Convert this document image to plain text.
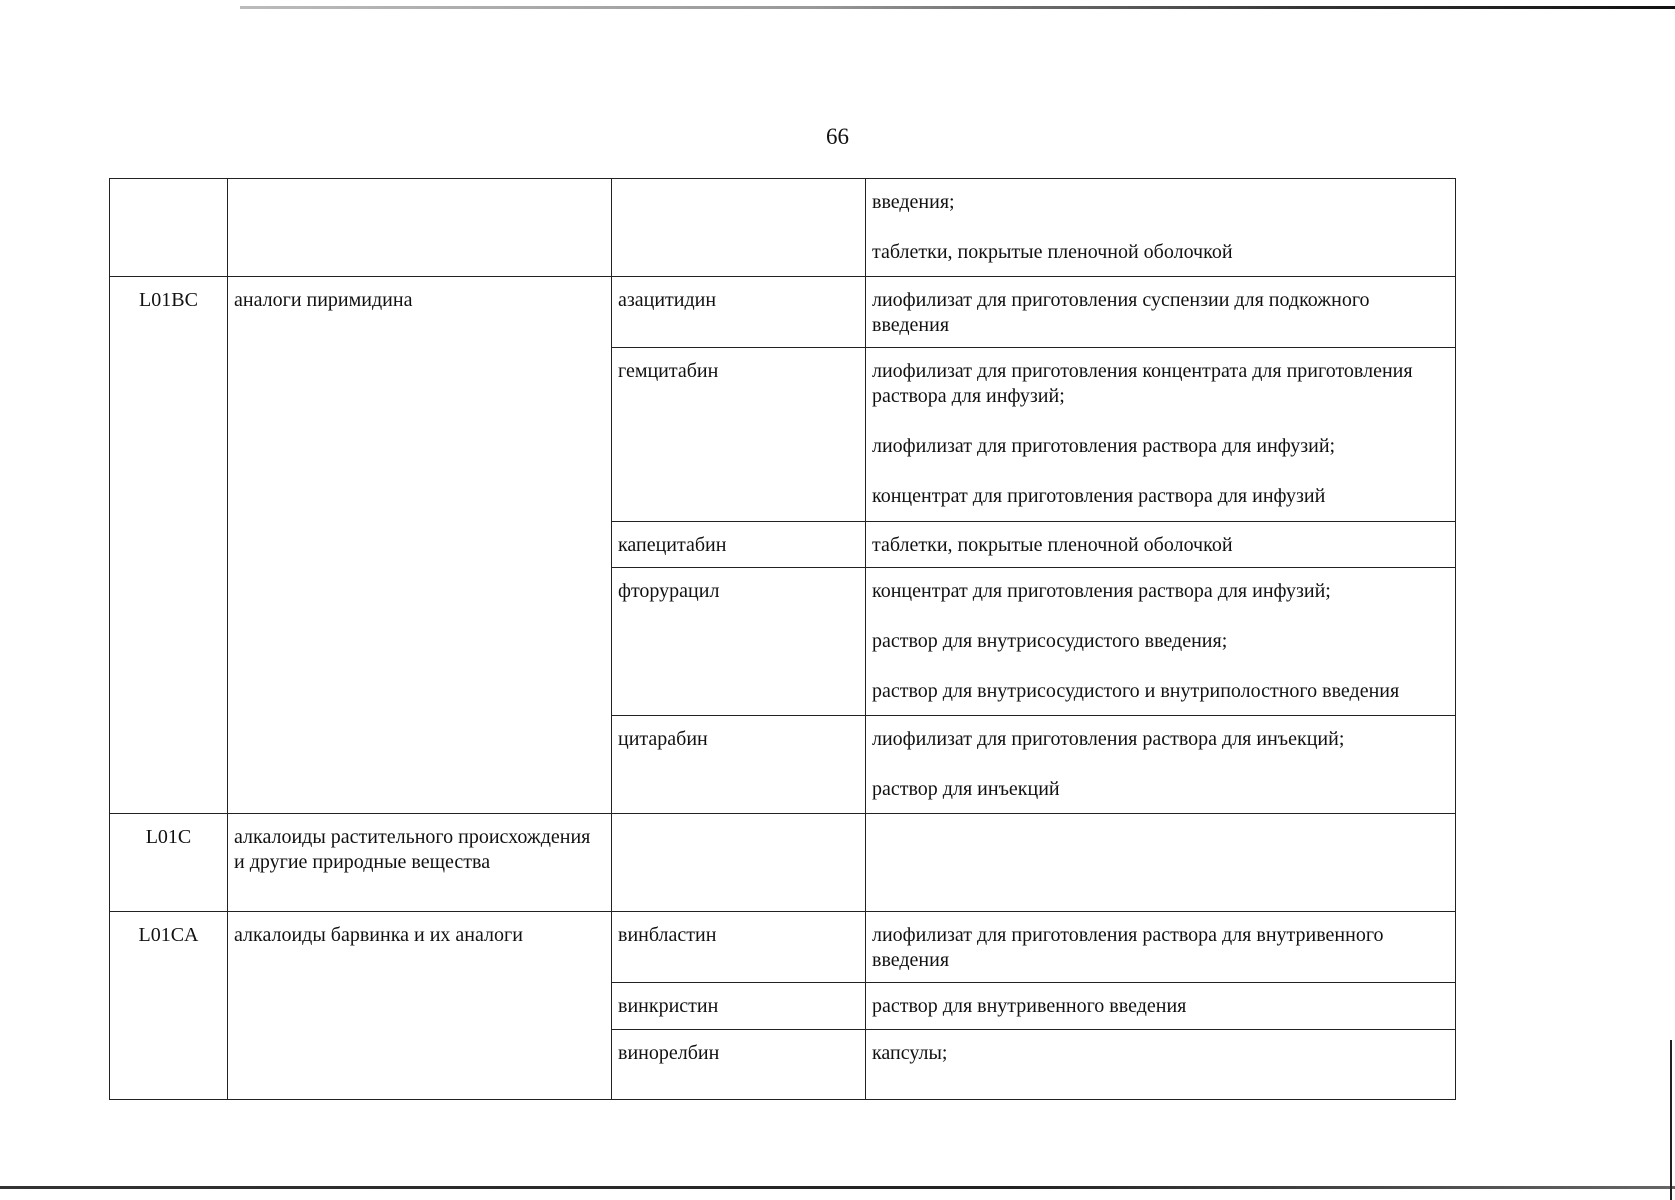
66

			введения;
таблетки, покрытые пленочной оболочкой

L01BC	аналоги пиримидина	азацитидин	лиофилизат для приготовления суспензии для подкожного введения

		гемцитабин	лиофилизат для приготовления концентрата для приготовления раствора для инфузий;
лиофилизат для приготовления раствора для инфузий;
концентрат для приготовления раствора для инфузий

		капецитабин	таблетки, покрытые пленочной оболочкой

		фторурацил	концентрат для приготовления раствора для инфузий;
раствор для внутрисосудистого введения;
раствор для внутрисосудистого и внутриполостного введения

		цитарабин	лиофилизат для приготовления раствора для инъекций;
раствор для инъекций

L01C	алкалоиды растительного происхождения и другие природные вещества		

L01CA	алкалоиды барвинка и их аналоги	винбластин	лиофилизат для приготовления раствора для внутривенного введения

		винкристин	раствор для внутривенного введения

		винорелбин	капсулы;
